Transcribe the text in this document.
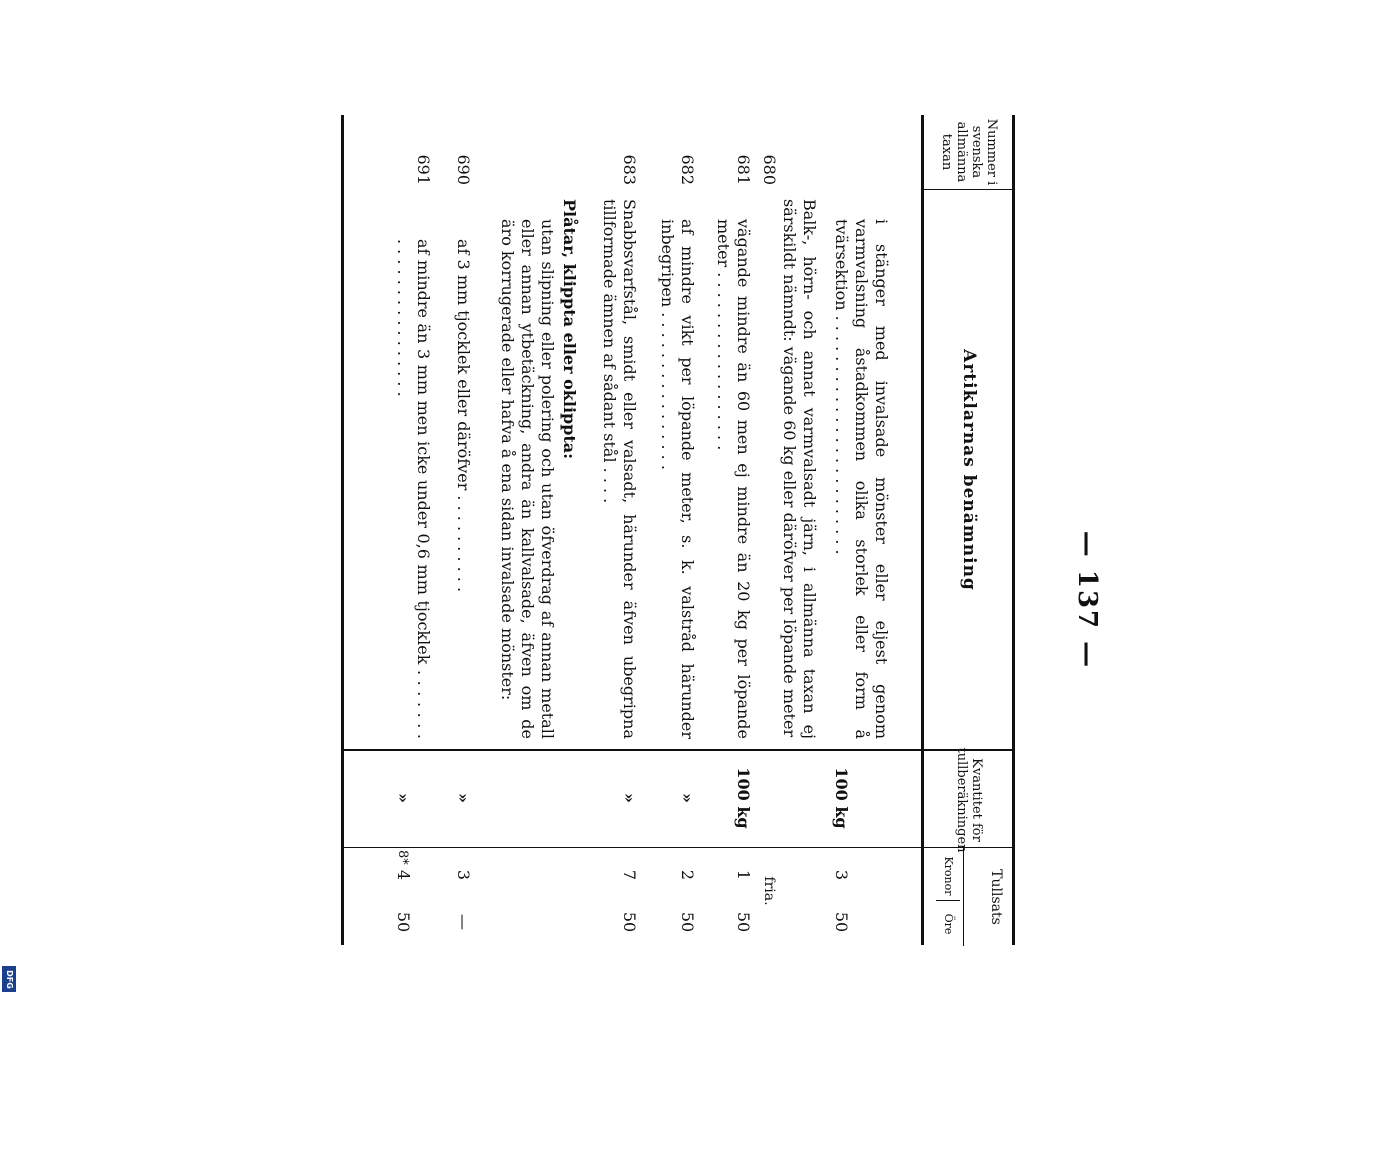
DFG
— 137 —
Nummer i svenska allmänna taxan
Artiklarnas benämning
Kvantitet för tullberäkningen
Tullsats
Kronor
Öre
i stänger med invalsade mönster eller eljest genom varmvalsning åstadkommen olika storlek eller form å tvärsektion . . . . . . . . . . . . . . . . . . . . . . . .
100 kg
3
50
680
Balk-, hörn- och annat varmvalsadt järn, i allmänna taxan ej särskildt nämndt: vägande 60 kg eller däröfver per löpande meter
fria.
681
vägande mindre än 60 men ej mindre än 20 kg per löpande meter . . . . . . . . . . . . . . . . . .
100 kg
1
50
682
af mindre vikt per löpande meter, s. k. valstråd härunder inbegripen . . . . . . . . . . . . . . . .
»
2
50
683
Snabbsvarfstål, smidt eller valsadt, härunder äfven ubegripna tillformade ämnen af sådant stål . . . .
»
7
50
Plåtar, klippta eller oklippta:
utan slipning eller polering och utan öfverdrag af annan metall eller annan ytbetäckning, andra än kallvalsade, äfven om de äro korrugerade eller hafva å ena sidan invalsade mönster:
690
af 3 mm tjocklek eller däröfver . . . . . . . . . .
»
3
—
691
af mindre än 3 mm men icke under 0,6 mm tjocklek . . . . . . . . . . . . . . . . . . . . . . .
»
4
50
8*
